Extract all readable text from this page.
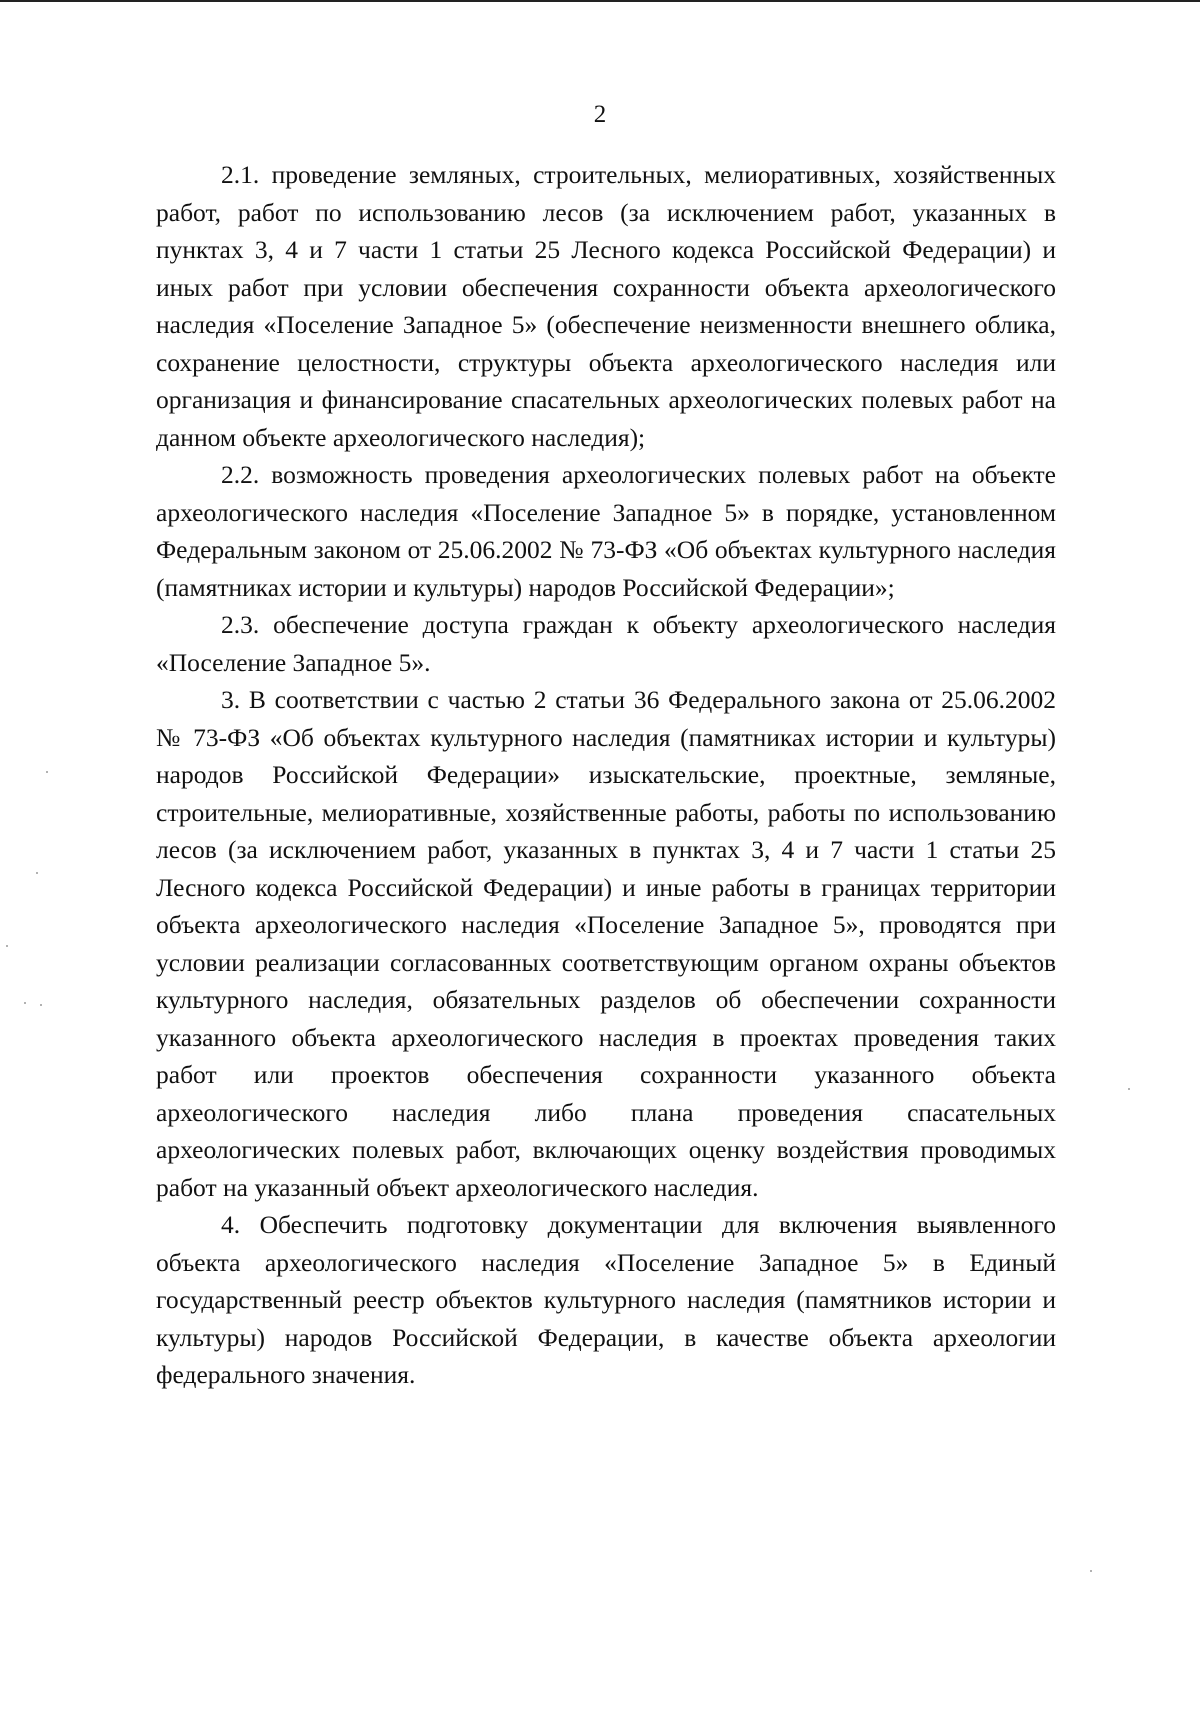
2

2.1. проведение земляных, строительных, мелиоративных, хозяйственных работ, работ по использованию лесов (за исключением работ, указанных в пунктах 3, 4 и 7 части 1 статьи 25 Лесного кодекса Российской Федерации) и иных работ при условии обеспечения сохранности объекта археологического наследия «Поселение Западное 5» (обеспечение неизменности внешнего облика, сохранение целостности, структуры объекта археологического наследия или организация и финансирование спасательных археологических полевых работ на данном объекте археологического наследия);

2.2. возможность проведения археологических полевых работ на объекте археологического наследия «Поселение Западное 5» в порядке, установленном Федеральным законом от 25.06.2002 № 73-ФЗ «Об объектах культурного наследия (памятниках истории и культуры) народов Российской Федерации»;

2.3. обеспечение доступа граждан к объекту археологического наследия «Поселение Западное 5».

3. В соответствии с частью 2 статьи 36 Федерального закона от 25.06.2002 № 73-ФЗ «Об объектах культурного наследия (памятниках истории и культуры) народов Российской Федерации» изыскательские, проектные, земляные, строительные, мелиоративные, хозяйственные работы, работы по использованию лесов (за исключением работ, указанных в пунктах 3, 4 и 7 части 1 статьи 25 Лесного кодекса Российской Федерации) и иные работы в границах территории объекта археологического наследия «Поселение Западное 5», проводятся при условии реализации согласованных соответствующим органом охраны объектов культурного наследия, обязательных разделов об обеспечении сохранности указанного объекта археологического наследия в проектах проведения таких работ или проектов обеспечения сохранности указанного объекта археологического наследия либо плана проведения спасательных археологических полевых работ, включающих оценку воздействия проводимых работ на указанный объект археологического наследия.

4. Обеспечить подготовку документации для включения выявленного объекта археологического наследия «Поселение Западное 5» в Единый государственный реестр объектов культурного наследия (памятников истории и культуры) народов Российской Федерации, в качестве объекта археологии федерального значения.
